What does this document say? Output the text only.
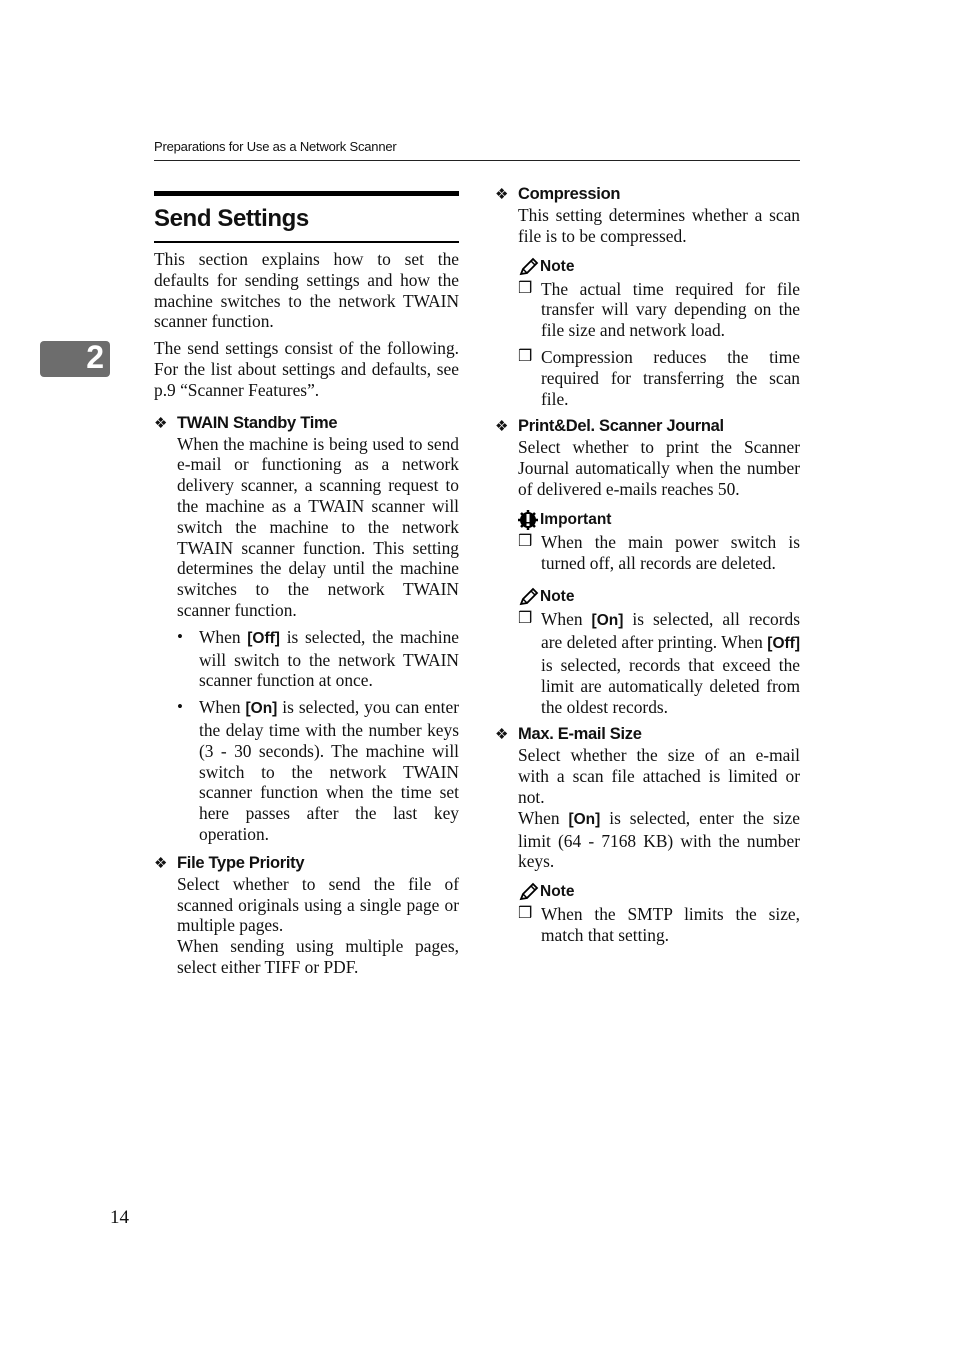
Preparations for Use as a Network Scanner
2
Send Settings

This section explains how to set the defaults for sending settings and how the machine switches to the network TWAIN scanner function.

The send settings consist of the following. For the list about settings and defaults, see p.9 “Scanner Features”.

❖ TWAIN Standby Time

When the machine is being used to send e-mail or functioning as a network delivery scanner, a scanning request to the machine as a TWAIN scanner will switch the machine to the network TWAIN scanner function. This setting determines the delay until the machine switches to the network TWAIN scanner function.

• When [Off] is selected, the machine will switch to the network TWAIN scanner function at once.
• When [On] is selected, you can enter the delay time with the number keys (3 - 30 seconds). The machine will switch to the network TWAIN scanner function when the time set here passes after the last key operation.
❖ File Type Priority

Select whether to send the file of scanned originals using a single page or multiple pages.

When sending using multiple pages, select either TIFF or PDF.

❖ Compression

This setting determines whether a scan file is to be compressed.

Note
❒ The actual time required for file transfer will vary depending on the file size and network load.
❒ Compression reduces the time required for transferring the scan file.
❖ Print&Del. Scanner Journal

Select whether to print the Scanner Journal automatically when the number of delivered e-mails reaches 50.

Important
❒ When the main power switch is turned off, all records are deleted.
Note
❒ When [On] is selected, all records are deleted after printing. When [Off] is selected, records that exceed the limit are automatically deleted from the oldest records.
❖ Max. E-mail Size

Select whether the size of an e-mail with a scan file attached is limited or not.

When [On] is selected, enter the size limit (64 - 7168 KB) with the number keys.

Note
❒ When the SMTP limits the size, match that setting.
14
